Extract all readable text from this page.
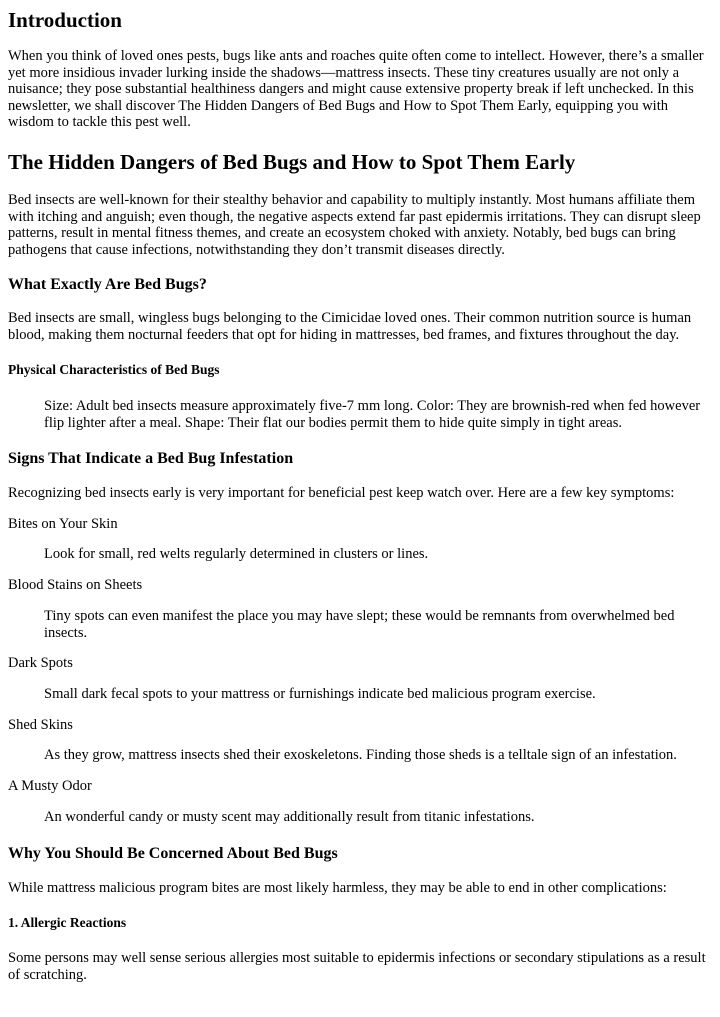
Introduction

When you think of loved ones pests, bugs like ants and roaches quite often come to intellect. However, there’s a smaller yet more insidious invader lurking inside the shadows—mattress insects. These tiny creatures usually are not only a nuisance; they pose substantial healthiness dangers and might cause extensive property break if left unchecked. In this newsletter, we shall discover The Hidden Dangers of Bed Bugs and How to Spot Them Early, equipping you with wisdom to tackle this pest well.

The Hidden Dangers of Bed Bugs and How to Spot Them Early

Bed insects are well-known for their stealthy behavior and capability to multiply instantly. Most humans affiliate them with itching and anguish; even though, the negative aspects extend far past epidermis irritations. They can disrupt sleep patterns, result in mental fitness themes, and create an ecosystem choked with anxiety. Notably, bed bugs can bring pathogens that cause infections, notwithstanding they don’t transmit diseases directly.

What Exactly Are Bed Bugs?

Bed insects are small, wingless bugs belonging to the Cimicidae loved ones. Their common nutrition source is human blood, making them nocturnal feeders that opt for hiding in mattresses, bed frames, and fixtures throughout the day.

Physical Characteristics of Bed Bugs

Size: Adult bed insects measure approximately five-7 mm long. Color: They are brownish-red when fed however flip lighter after a meal. Shape: Their flat our bodies permit them to hide quite simply in tight areas.

Signs That Indicate a Bed Bug Infestation

Recognizing bed insects early is very important for beneficial pest keep watch over. Here are a few key symptoms:

Bites on Your Skin

Look for small, red welts regularly determined in clusters or lines.

Blood Stains on Sheets

Tiny spots can even manifest the place you may have slept; these would be remnants from overwhelmed bed insects.

Dark Spots

Small dark fecal spots to your mattress or furnishings indicate bed malicious program exercise.

Shed Skins

As they grow, mattress insects shed their exoskeletons. Finding those sheds is a telltale sign of an infestation.

A Musty Odor

An wonderful candy or musty scent may additionally result from titanic infestations.

Why You Should Be Concerned About Bed Bugs

While mattress malicious program bites are most likely harmless, they may be able to end in other complications:

1. Allergic Reactions

Some persons may well sense serious allergies most suitable to epidermis infections or secondary stipulations as a result of scratching.
